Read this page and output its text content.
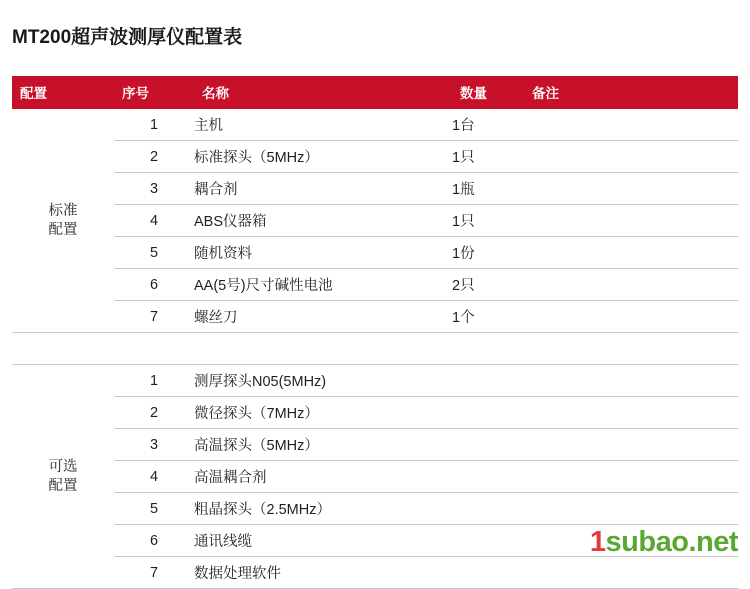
MT200超声波测厚仪配置表
配置	序号	名称	数量	备注

标准
配置	1	主机	1台	
	2	标准探头（5MHz）	1只	
	3	耦合剂	1瓶	
	4	ABS仪器箱	1只	
	5	随机资料	1份	
	6	AA(5号)尺寸碱性电池	2只	
	7	螺丝刀	1个	

可选
配置	1	测厚探头N05(5MHz)		
	2	微径探头（7MHz）		
	3	高温探头（5MHz）		
	4	高温耦合剂		
	5	粗晶探头（2.5MHz）		
	6	通讯线缆		
	7	数据处理软件		
1subao.net
